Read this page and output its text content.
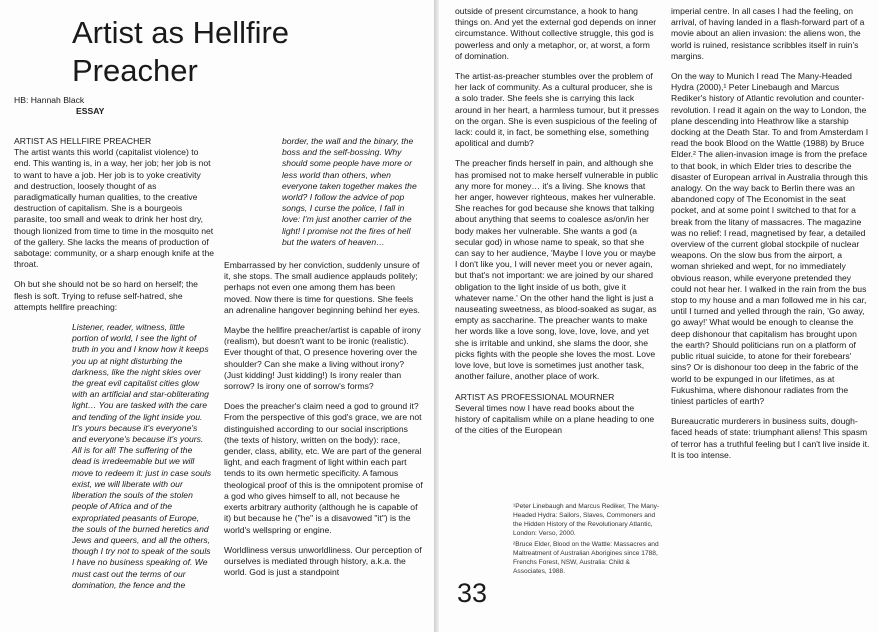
Artist as Hellfire
Preacher
HB: Hannah Black
ESSAY

ARTIST AS HELLFIRE PREACHER

The artist wants this world (capitalist violence) to end. This wanting is, in a way, her job; her job is not to want to have a job. Her job is to yoke creativity and destruction, loosely thought of as paradigmatically human qualities, to the creative destruction of capitalism. She is a bourgeois parasite, too small and weak to drink her host dry, though lionized from time to time in the mosquito net of the gallery. She lacks the means of production of sabotage: community, or a sharp enough knife at the throat.

Oh but she should not be so hard on herself; the flesh is soft. Trying to refuse self-hatred, she attempts hellfire preaching:

Listener, reader, witness, little portion of world, I see the light of truth in you and I know how it keeps you up at night disturbing the darkness, like the night skies over the great evil capitalist cities glow with an artificial and star-obliterating light… You are tasked with the care and tending of the light inside you. It's yours because it's everyone's and everyone's because it's yours. All is for all! The suffering of the dead is irredeemable but we will move to redeem it: just in case souls exist, we will liberate with our liberation the souls of the stolen people of Africa and of the expropriated peasants of Europe, the souls of the burned heretics and Jews and queers, and all the others, though I try not to speak of the souls I have no business speaking of. We must cast out the terms of our domination, the fence and the

border, the wall and the binary, the boss and the self-bossing. Why should some people have more or less world than others, when everyone taken together makes the world? I follow the advice of pop songs, I curse the police, I fall in love: I'm just another carrier of the light! I promise not the fires of hell but the waters of heaven…

Embarrassed by her conviction, suddenly unsure of it, she stops. The small audience applauds politely; perhaps not even one among them has been moved. Now there is time for questions. She feels an adrenaline hangover beginning behind her eyes.

Maybe the hellfire preacher/artist is capable of irony (realism), but doesn't want to be ironic (realistic). Ever thought of that, O presence hovering over the shoulder? Can she make a living without irony? (Just kidding! Just kidding!) Is irony realer than sorrow? Is irony one of sorrow's forms?

Does the preacher's claim need a god to ground it? From the perspective of this god's grace, we are not distinguished according to our social inscriptions (the texts of history, written on the body): race, gender, class, ability, etc. We are part of the general light, and each fragment of light within each part tends to its own hermetic specificity. A famous theological proof of this is the omnipotent promise of a god who gives himself to all, not because he exerts arbitrary authority (although he is capable of it) but because he ("he" is a disavowed "it") is the world's wellspring or engine.

Worldliness versus unworldliness. Our perception of ourselves is mediated through history, a.k.a. the world. God is just a standpoint

outside of present circumstance, a hook to hang things on. And yet the external god depends on inner circumstance. Without collective struggle, this god is powerless and only a metaphor, or, at worst, a form of domination.

The artist-as-preacher stumbles over the problem of her lack of community. As a cultural producer, she is a solo trader. She feels she is carrying this lack around in her heart, a harmless tumour, but it presses on the organ. She is even suspicious of the feeling of lack: could it, in fact, be something else, something apolitical and dumb?

The preacher finds herself in pain, and although she has promised not to make herself vulnerable in public any more for money… it's a living. She knows that her anger, however righteous, makes her vulnerable. She reaches for god because she knows that talking about anything that seems to coalesce as/on/in her body makes her vulnerable. She wants a god (a secular god) in whose name to speak, so that she can say to her audience, 'Maybe I love you or maybe I don't like you, I will never meet you or never again, but that's not important: we are joined by our shared obligation to the light inside of us both, give it whatever name.' On the other hand the light is just a nauseating sweetness, as blood-soaked as sugar, as empty as saccharine. The preacher wants to make her words like a love song, love, love, love, and yet she is irritable and unkind, she slams the door, she picks fights with the people she loves the most. Love love love, but love is sometimes just another task, another failure, another place of work.

ARTIST AS PROFESSIONAL MOURNER

Several times now I have read books about the history of capitalism while on a plane heading to one of the cities of the European

¹Peter Linebaugh and Marcus Rediker, The Many-Headed Hydra: Sailors, Slaves, Commoners and the Hidden History of the Revolutionary Atlantic, London: Verso, 2000.

²Bruce Elder, Blood on the Wattle: Massacres and Maltreatment of Australian Aborigines since 1788, Frenchs Forest, NSW, Australia: Child & Associates, 1988.

33

imperial centre. In all cases I had the feeling, on arrival, of having landed in a flash-forward part of a movie about an alien invasion: the aliens won, the world is ruined, resistance scribbles itself in ruin's margins.

On the way to Munich I read The Many-Headed Hydra (2000),¹ Peter Linebaugh and Marcus Rediker's history of Atlantic revolution and counter-revolution. I read it again on the way to London, the plane descending into Heathrow like a starship docking at the Death Star. To and from Amsterdam I read the book Blood on the Wattle (1988) by Bruce Elder.² The alien-invasion image is from the preface to that book, in which Elder tries to describe the disaster of European arrival in Australia through this analogy. On the way back to Berlin there was an abandoned copy of The Economist in the seat pocket, and at some point I switched to that for a break from the litany of massacres. The magazine was no relief: I read, magnetised by fear, a detailed overview of the current global stockpile of nuclear weapons. On the slow bus from the airport, a woman shrieked and wept, for no immediately obvious reason, while everyone pretended they could not hear her. I walked in the rain from the bus stop to my house and a man followed me in his car, until I turned and yelled through the rain, 'Go away, go away!' What would be enough to cleanse the deep dishonour that capitalism has brought upon the earth? Should politicians run on a platform of public ritual suicide, to atone for their forebears' sins? Or is dishonour too deep in the fabric of the world to be expunged in our lifetimes, as at Fukushima, where dishonour radiates from the tiniest particles of earth?

Bureaucratic murderers in business suits, dough-faced heads of state: triumphant aliens! This spasm of terror has a truthful feeling but I can't live inside it. It is too intense.
